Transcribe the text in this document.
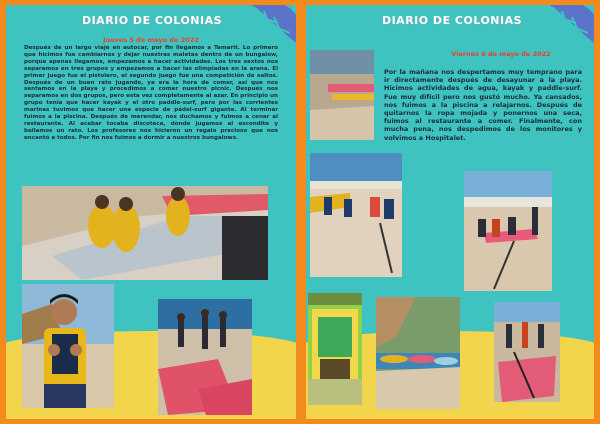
DIARIO DE COLONIAS
Jueves 5 de mayo de 2022
Después de un largo viaje en autocar, por fin llegamos a Tamarit. Lo primero que hicimos fue cambiarnos y dejar nuestras maletas dentro de un bungalow, porque apenas llegamos, empezamos a hacer actividades. Los tres sextos nos separamos en tres grupos y empezamos a hacer las olimpiadas en la arena. El primer juego fue el pistolero, el segundo juego fue una competición de saltos. Después de un buen rato jugando, ya era la hora de comer, así que nos sentamos en la playa y procedimos a comer nuestro picnic. Después nos separamos en dos grupos, pero esta vez completamente al azar. En principio un grupo tenía que hacer kayak y el otro paddle-surf, pero por las corrientes marinas tuvimos que hacer una especie de pádel-surf gigante. Al terminar fuimos a la piscina. Después de merendar, nos duchamos y fuimos a cenar al restaurante. Al acabar tocaba discoteca, donde jugamos al escondite y bailamos un rato. Los profesores nos hicieron un regalo precioso que nos encantó a todos. Por fin nos fuimos a dormir a nuestros bungalows.
DIARIO DE COLONIAS
Viernes 6 de mayo de 2022
Por la mañana nos despertamos muy temprano para ir directamente después de desayunar a la playa. Hicimos actividades de agua, kayak y paddle-surf. Fue muy difícil pero nos gustó mucho. Ya cansados, nos fuimos a la piscina a relajarnos. Después de quitarnos la ropa mojada y ponernos una seca, fuimos al restaurante a comer. Finalmente, con mucha pena, nos despedimos de los monitores y volvimos a Hospitalet.
